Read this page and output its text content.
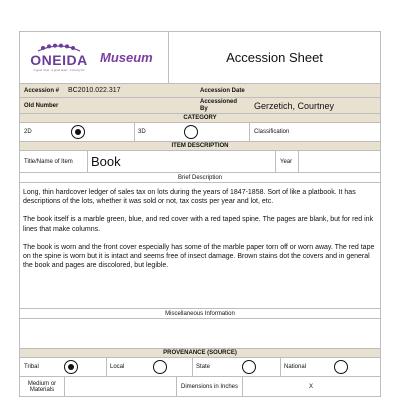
ONEIDA
A good mind · A good heart · A strong fire
Museum	Accession Sheet
Accession # BC2010.022.317	Accession Date
Old Number
Accessioned By	Gerzetich, Courtney
CATEGORY
2D	3D	Classification
ITEM DESCRIPTION
Title/Name of Item Book	Year
Brief Description

Long, thin hardcover ledger of sales tax on lots during the years of 1847-1858. Sort of like a platbook. It has descriptions of the lots, whether it was sold or not, tax costs per year and lot, etc.

The book itself is a marble green, blue, and red cover with a red taped spine. The pages are blank, but for red ink lines that make columns.

The book is worn and the front cover especially has some of the marble paper torn off or worn away. The red tape on the spine is worn but it is intact and seems free of insect damage. Brown stains dot the covers and in general the book and pages are discolored, but legible.

Miscellaneous Information
PROVENANCE (SOURCE)
Tribal	Local	State	National
Medium or Materials	Dimensions in Inches	X
